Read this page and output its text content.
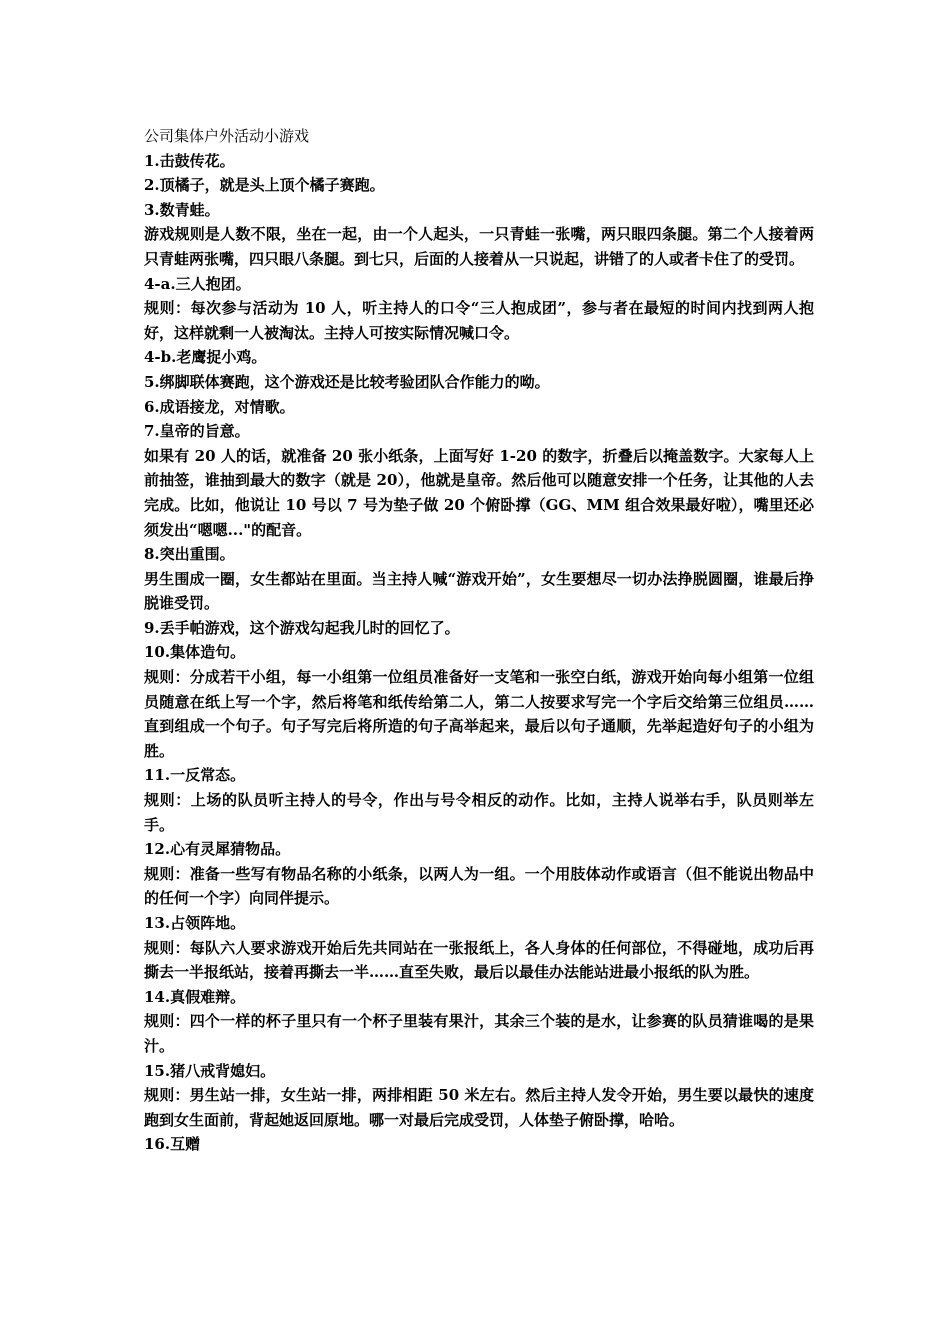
公司集体户外活动小游戏

1.击鼓传花。

2.顶橘子，就是头上顶个橘子赛跑。

3.数青蛙。

游戏规则是人数不限，坐在一起，由一个人起头，一只青蛙一张嘴，两只眼四条腿。第二个人接着两只青蛙两张嘴，四只眼八条腿。到七只，后面的人接着从一只说起，讲错了的人或者卡住了的受罚。

4-a.三人抱团。

规则：每次参与活动为 10 人，听主持人的口令“三人抱成团”，参与者在最短的时间内找到两人抱好，这样就剩一人被淘汰。主持人可按实际情况喊口令。

4-b.老鹰捉小鸡。

5.绑脚联体赛跑，这个游戏还是比较考验团队合作能力的呦。

6.成语接龙，对情歌。

7.皇帝的旨意。

如果有 20 人的话，就准备 20 张小纸条，上面写好 1-20 的数字，折叠后以掩盖数字。大家每人上前抽签，谁抽到最大的数字（就是 20），他就是皇帝。然后他可以随意安排一个任务，让其他的人去完成。比如，他说让 10 号以 7 号为垫子做 20 个俯卧撑（GG、MM 组合效果最好啦），嘴里还必须发出“嗯嗯..."的配音。

8.突出重围。

男生围成一圈，女生都站在里面。当主持人喊“游戏开始”，女生要想尽一切办法挣脱圆圈，谁最后挣脱谁受罚。

9.丢手帕游戏，这个游戏勾起我儿时的回忆了。

10.集体造句。

规则：分成若干小组，每一小组第一位组员准备好一支笔和一张空白纸，游戏开始向每小组第一位组员随意在纸上写一个字，然后将笔和纸传给第二人，第二人按要求写完一个字后交给第三位组员……直到组成一个句子。句子写完后将所造的句子高举起来，最后以句子通顺，先举起造好句子的小组为胜。

11.一反常态。

规则：上场的队员听主持人的号令，作出与号令相反的动作。比如，主持人说举右手，队员则举左手。

12.心有灵犀猜物品。

规则：准备一些写有物品名称的小纸条，以两人为一组。一个用肢体动作或语言（但不能说出物品中的任何一个字）向同伴提示。

13.占领阵地。

规则：每队六人要求游戏开始后先共同站在一张报纸上，各人身体的任何部位，不得碰地，成功后再撕去一半报纸站，接着再撕去一半……直至失败，最后以最佳办法能站进最小报纸的队为胜。

14.真假难辩。

规则：四个一样的杯子里只有一个杯子里装有果汁，其余三个装的是水，让参赛的队员猜谁喝的是果汁。

15.猪八戒背媳妇。

规则：男生站一排，女生站一排，两排相距 50 米左右。然后主持人发令开始，男生要以最快的速度跑到女生面前，背起她返回原地。哪一对最后完成受罚，人体垫子俯卧撑，哈哈。

16.互赠
